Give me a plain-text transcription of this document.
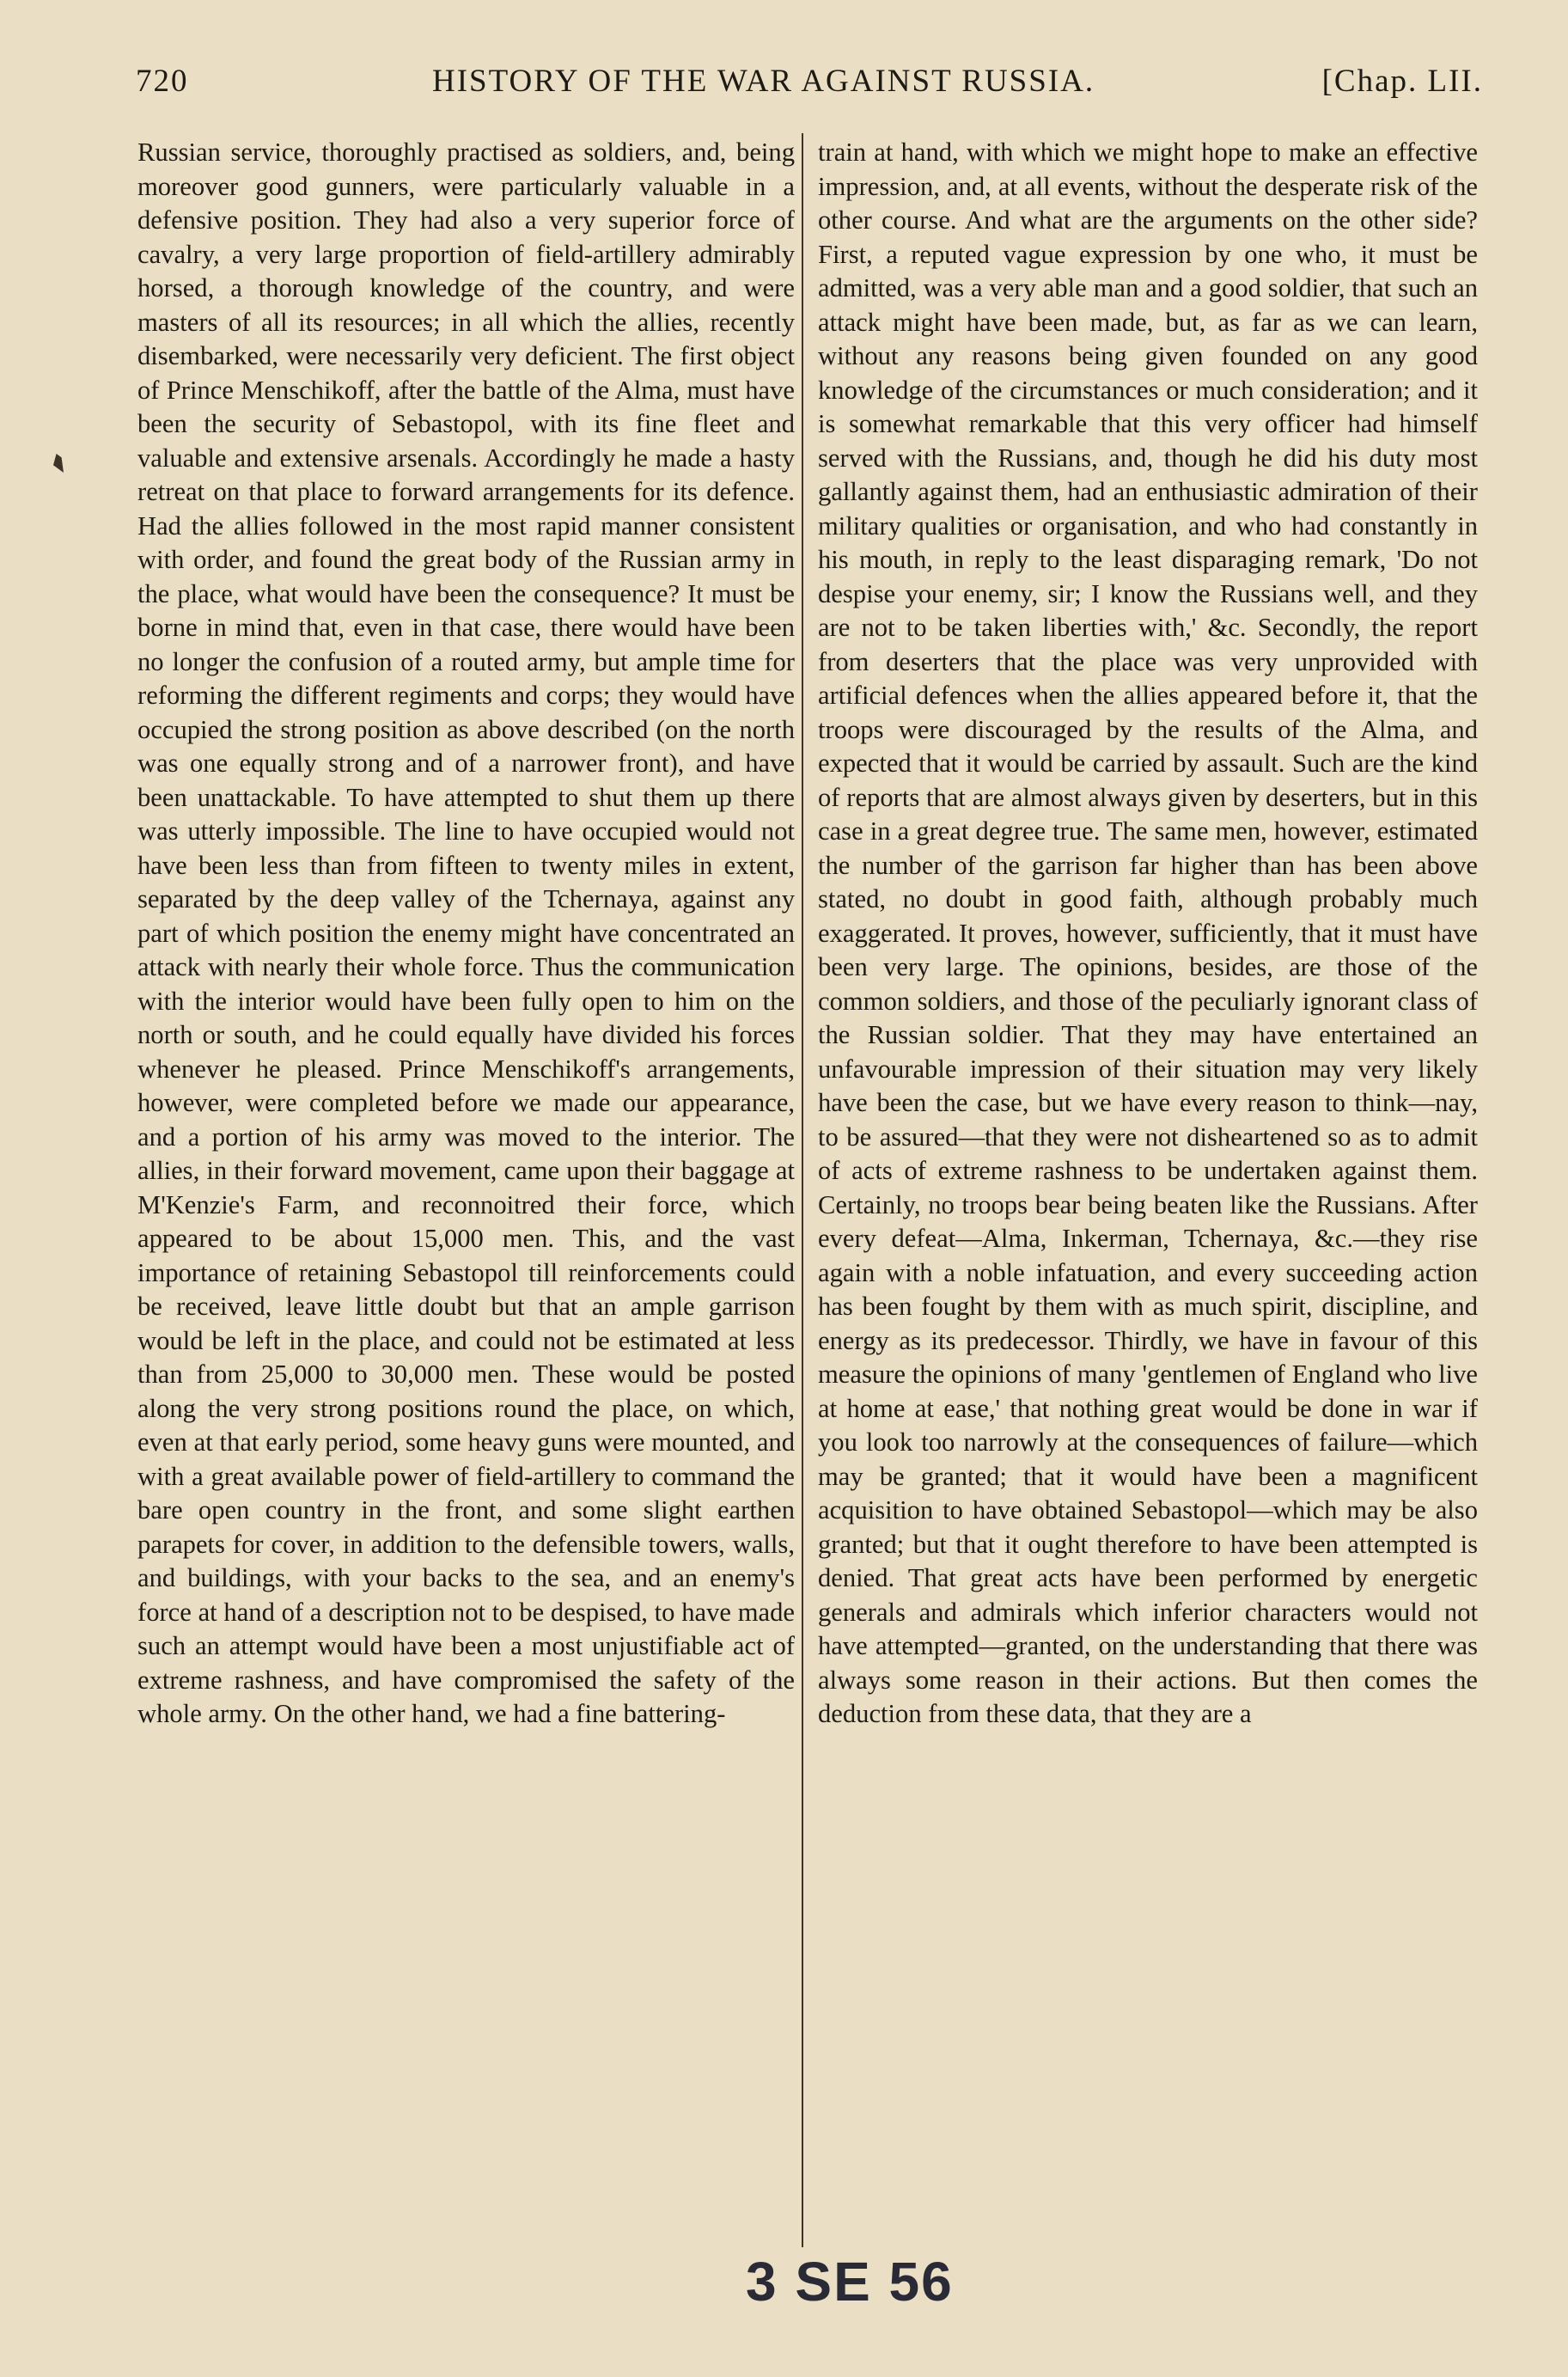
720	HISTORY OF THE WAR AGAINST RUSSIA.	[Chap. LII.

Russian service, thoroughly practised as soldiers, and, being moreover good gunners, were particularly valuable in a defensive position. They had also a very superior force of cavalry, a very large proportion of field-artillery admirably horsed, a thorough knowledge of the country, and were masters of all its resources; in all which the allies, recently disembarked, were necessarily very deficient. The first object of Prince Menschikoff, after the battle of the Alma, must have been the security of Sebastopol, with its fine fleet and valuable and extensive arsenals. Accordingly he made a hasty retreat on that place to forward arrangements for its defence. Had the allies followed in the most rapid manner consistent with order, and found the great body of the Russian army in the place, what would have been the consequence? It must be borne in mind that, even in that case, there would have been no longer the confusion of a routed army, but ample time for reforming the different regiments and corps; they would have occupied the strong position as above described (on the north was one equally strong and of a narrower front), and have been unattackable. To have attempted to shut them up there was utterly impossible. The line to have occupied would not have been less than from fifteen to twenty miles in extent, separated by the deep valley of the Tchernaya, against any part of which position the enemy might have concentrated an attack with nearly their whole force. Thus the communication with the interior would have been fully open to him on the north or south, and he could equally have divided his forces whenever he pleased. Prince Menschikoff's arrangements, however, were completed before we made our appearance, and a portion of his army was moved to the interior. The allies, in their forward movement, came upon their baggage at M'Kenzie's Farm, and reconnoitred their force, which appeared to be about 15,000 men. This, and the vast importance of retaining Sebastopol till reinforcements could be received, leave little doubt but that an ample garrison would be left in the place, and could not be estimated at less than from 25,000 to 30,000 men. These would be posted along the very strong positions round the place, on which, even at that early period, some heavy guns were mounted, and with a great available power of field-artillery to command the bare open country in the front, and some slight earthen parapets for cover, in addition to the defensible towers, walls, and buildings, with your backs to the sea, and an enemy's force at hand of a description not to be despised, to have made such an attempt would have been a most unjustifiable act of extreme rashness, and have compromised the safety of the whole army. On the other hand, we had a fine battering-

train at hand, with which we might hope to make an effective impression, and, at all events, without the desperate risk of the other course. And what are the arguments on the other side? First, a reputed vague expression by one who, it must be admitted, was a very able man and a good soldier, that such an attack might have been made, but, as far as we can learn, without any reasons being given founded on any good knowledge of the circumstances or much consideration; and it is somewhat remarkable that this very officer had himself served with the Russians, and, though he did his duty most gallantly against them, had an enthusiastic admiration of their military qualities or organisation, and who had constantly in his mouth, in reply to the least disparaging remark, 'Do not despise your enemy, sir; I know the Russians well, and they are not to be taken liberties with,' &c. Secondly, the report from deserters that the place was very unprovided with artificial defences when the allies appeared before it, that the troops were discouraged by the results of the Alma, and expected that it would be carried by assault. Such are the kind of reports that are almost always given by deserters, but in this case in a great degree true. The same men, however, estimated the number of the garrison far higher than has been above stated, no doubt in good faith, although probably much exaggerated. It proves, however, sufficiently, that it must have been very large. The opinions, besides, are those of the common soldiers, and those of the peculiarly ignorant class of the Russian soldier. That they may have entertained an unfavourable impression of their situation may very likely have been the case, but we have every reason to think—nay, to be assured—that they were not disheartened so as to admit of acts of extreme rashness to be undertaken against them. Certainly, no troops bear being beaten like the Russians. After every defeat—Alma, Inkerman, Tchernaya, &c.—they rise again with a noble infatuation, and every succeeding action has been fought by them with as much spirit, discipline, and energy as its predecessor. Thirdly, we have in favour of this measure the opinions of many 'gentlemen of England who live at home at ease,' that nothing great would be done in war if you look too narrowly at the consequences of failure—which may be granted; that it would have been a magnificent acquisition to have obtained Sebastopol—which may be also granted; but that it ought therefore to have been attempted is denied. That great acts have been performed by energetic generals and admirals which inferior characters would not have attempted—granted, on the understanding that there was always some reason in their actions. But then comes the deduction from these data, that they are a

3 SE 56
